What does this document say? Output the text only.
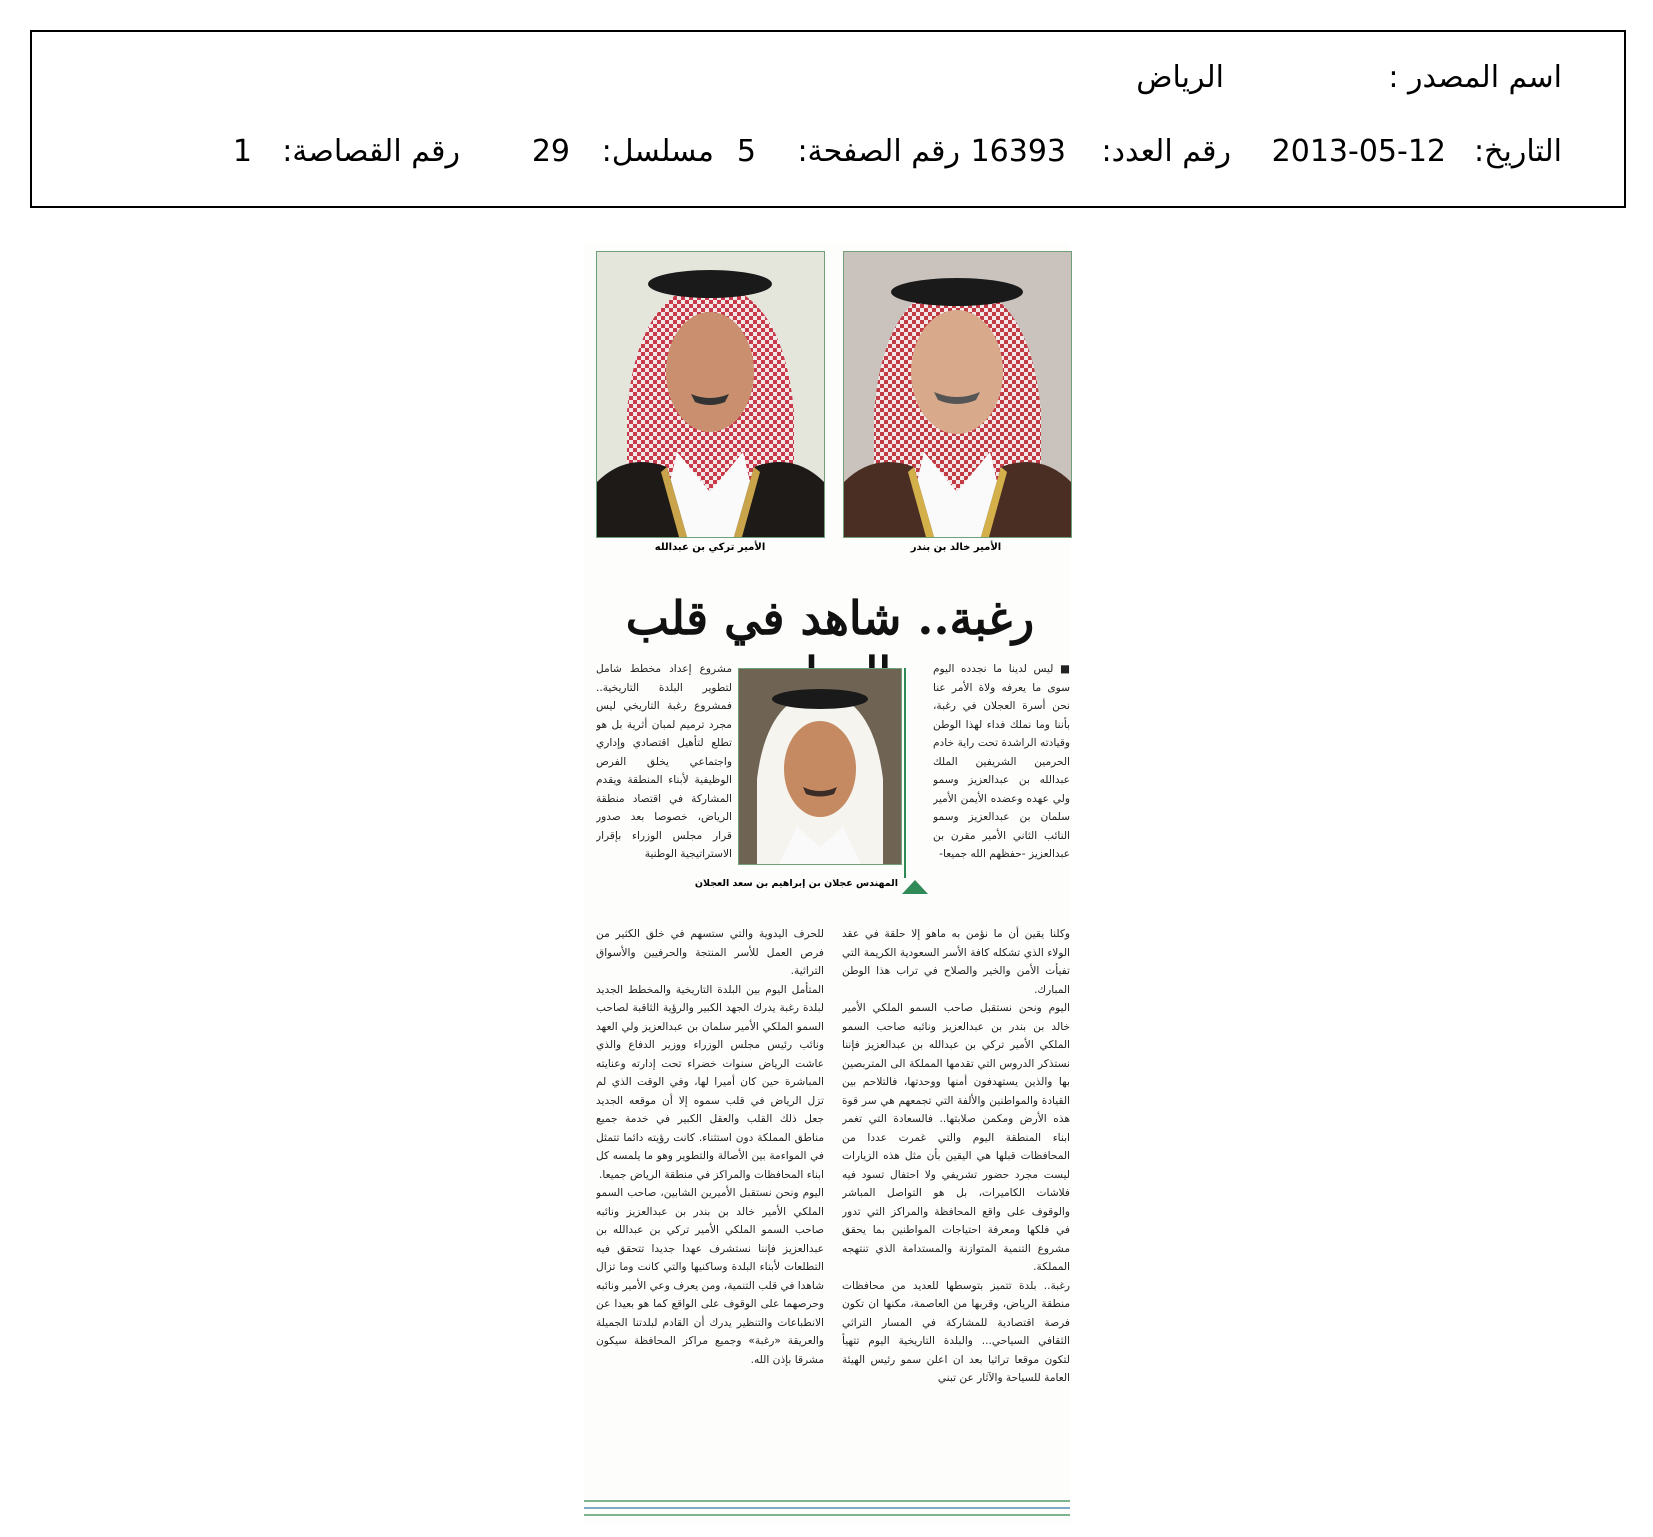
اسم المصدر :
الرياض
التاريخ:
2013-05-12
رقم العدد:
16393
رقم الصفحة:
5
مسلسل:
29
رقم القصاصة:
1
الأمير خالد بن بندر
الأمير تركي بن عبدالله
رغبة.. شاهد في قلب
المهندس عجلان بن إبراهيم بن سعد العجلان

■ ليس لدينا ما نجدده اليوم سوى ما يعرفه ولاة الأمر عنا نحن أسرة العجلان في رغبة، بأننا وما نملك فداء لهذا الوطن وقيادته الراشدة تحت راية خادم الحرمين الشريفين الملك عبدالله بن عبدالعزيز وسمو ولي عهده وعضده الأيمن الأمير سلمان بن عبدالعزيز وسمو النائب الثاني الأمير مقرن بن عبدالعزيز -حفظهم الله جميعا-

وكلنا يقين أن ما نؤمن به ماهو إلا حلقة في عقد الولاء الذي تشكله كافة الأسر السعودية الكريمة التي تفيأت الأمن والخير والصلاح في تراب هذا الوطن المبارك.

اليوم ونحن نستقبل صاحب السمو الملكي الأمير خالد بن بندر بن عبدالعزيز ونائبه صاحب السمو الملكي الأمير تركي بن عبدالله بن عبدالعزيز فإننا نستذكر الدروس التي تقدمها المملكة الى المتربصين بها والذين يستهدفون أمنها ووحدتها، فالتلاحم بين القيادة والمواطنين والألفة التي تجمعهم هي سر قوة هذه الأرض ومكمن صلابتها.. فالسعادة التي تغمر ابناء المنطقة اليوم والتي غمرت عددا من المحافظات قبلها هي اليقين بأن مثل هذه الزيارات ليست مجرد حضور تشريفي ولا احتفال تسود فيه فلاشات الكاميرات، بل هو التواصل المباشر والوقوف على واقع المحافظة والمراكز التي تدور في فلكها ومعرفة احتياجات المواطنين بما يحقق مشروع التنمية المتوازنة والمستدامة الذي تنتهجه المملكة.

رغبة.. بلدة تتميز بتوسطها للعديد من محافظات منطقة الرياض، وقربها من العاصمة، مكنها ان تكون فرصة اقتصادية للمشاركة في المسار التراثي الثقافي السياحي... والبلدة التاريخية اليوم تتهيأ لتكون موقعا تراثيا بعد ان اعلن سمو رئيس الهيئة العامة للسياحة والآثار عن تبني

مشروع إعداد مخطط شامل لتطوير البلدة التاريخية.. فمشروع رغبة التاريخي ليس مجرد ترميم لمبان أثرية بل هو تطلع لتأهيل اقتصادي وإداري واجتماعي يخلق الفرص الوظيفية لأبناء المنطقة ويقدم المشاركة في اقتصاد منطقة الرياض، خصوصا بعد صدور قرار مجلس الوزراء بإقرار الاستراتيجية الوطنية

للحرف اليدوية والتي ستسهم في خلق الكثير من فرص العمل للأسر المنتجة والحرفيين والأسواق التراثية.

المتأمل اليوم بين البلدة التاريخية والمخطط الجديد لبلدة رغبة يدرك الجهد الكبير والرؤية الثاقبة لصاحب السمو الملكي الأمير سلمان بن عبدالعزيز ولي العهد ونائب رئيس مجلس الوزراء ووزير الدفاع والذي عاشت الرياض سنوات خضراء تحت إدارته وعنايته المباشرة حين كان أميرا لها، وفي الوقت الذي لم تزل الرياض في قلب سموه إلا أن موقعه الجديد جعل ذلك القلب والعقل الكبير في خدمة جميع مناطق المملكة دون استثناء. كانت رؤيته دائما تتمثل في المواءمة بين الأصالة والتطوير وهو ما يلمسه كل ابناء المحافظات والمراكز في منطقة الرياض جميعا.

اليوم ونحن نستقبل الأميرين الشابين، صاحب السمو الملكي الأمير خالد بن بندر بن عبدالعزيز ونائبه صاحب السمو الملكي الأمير تركي بن عبدالله بن عبدالعزيز فإننا نستشرف عهدا جديدا تتحقق فيه التطلعات لأبناء البلدة وساكنيها والتي كانت وما تزال شاهدا في قلب التنمية، ومن يعرف وعي الأمير ونائبه وحرصهما على الوقوف على الواقع كما هو بعيدا عن الانطباعات والتنظير يدرك أن القادم لبلدتنا الجميلة والعريقة «رغبة» وجميع مراكز المحافظة سيكون مشرقا بإذن الله.
